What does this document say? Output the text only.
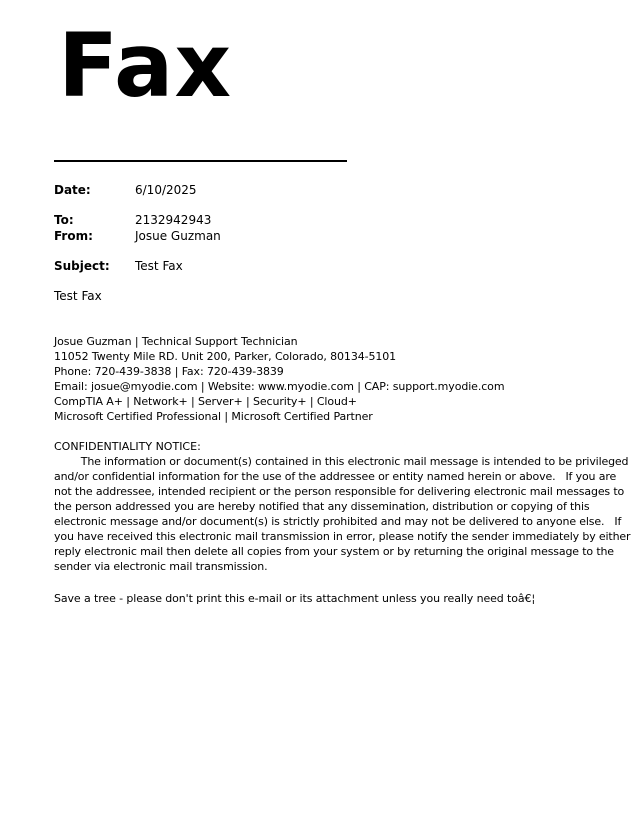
Fax
Date:	6/10/2025
To:	2132942943
From:	Josue Guzman
Subject: Test Fax
Test Fax
Josue Guzman | Technical Support Technician
11052 Twenty Mile RD. Unit 200, Parker, Colorado, 80134-5101
Phone: 720-439-3838 | Fax: 720-439-3839
Email: josue@myodie.com | Website: www.myodie.com | CAP: support.myodie.com
CompTIA A+ | Network+ | Server+ | Security+ | Cloud+
Microsoft Certified Professional | Microsoft Certified Partner
CONFIDENTIALITY NOTICE:
The information or document(s) contained in this electronic mail message is intended to be privileged
and/or confidential information for the use of the addressee or entity named herein or above.   If you are
not the addressee, intended recipient or the person responsible for delivering electronic mail messages to
the person addressed you are hereby notified that any dissemination, distribution or copying of this
electronic message and/or document(s) is strictly prohibited and may not be delivered to anyone else.   If
you have received this electronic mail transmission in error, please notify the sender immediately by either
reply electronic mail then delete all copies from your system or by returning the original message to the
sender via electronic mail transmission.
Save a tree - please don't print this e-mail or its attachment unless you really need toâ€¦
